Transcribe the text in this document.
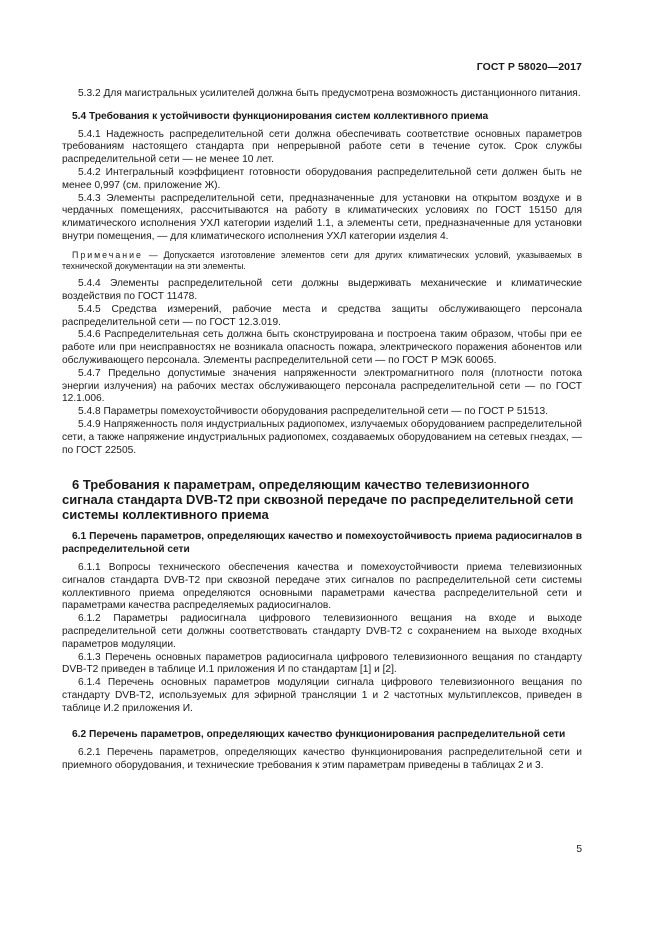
ГОСТ Р 58020—2017

5.3.2 Для магистральных усилителей должна быть предусмотрена возможность дистанционного питания.

5.4 Требования к устойчивости функционирования систем коллективного приема

5.4.1 Надежность распределительной сети должна обеспечивать соответствие основных параметров требованиям настоящего стандарта при непрерывной работе сети в течение суток. Срок службы распределительной сети — не менее 10 лет.

5.4.2 Интегральный коэффициент готовности оборудования распределительной сети должен быть не менее 0,997 (см. приложение Ж).

5.4.3 Элементы распределительной сети, предназначенные для установки на открытом воздухе и в чердачных помещениях, рассчитываются на работу в климатических условиях по ГОСТ 15150 для климатического исполнения УХЛ категории изделий 1.1, а элементы сети, предназначенные для установки внутри помещения, — для климатического исполнения УХЛ категории изделия 4.

Примечание — Допускается изготовление элементов сети для других климатических условий, указываемых в технической документации на эти элементы.

5.4.4 Элементы распределительной сети должны выдерживать механические и климатические воздействия по ГОСТ 11478.

5.4.5 Средства измерений, рабочие места и средства защиты обслуживающего персонала распределительной сети — по ГОСТ 12.3.019.

5.4.6 Распределительная сеть должна быть сконструирована и построена таким образом, чтобы при ее работе или при неисправностях не возникала опасность пожара, электрического поражения абонентов или обслуживающего персонала. Элементы распределительной сети — по ГОСТ Р МЭК 60065.

5.4.7 Предельно допустимые значения напряженности электромагнитного поля (плотности потока энергии излучения) на рабочих местах обслуживающего персонала распределительной сети — по ГОСТ 12.1.006.

5.4.8 Параметры помехоустойчивости оборудования распределительной сети — по ГОСТ Р 51513.

5.4.9 Напряженность поля индустриальных радиопомех, излучаемых оборудованием распределительной сети, а также напряжение индустриальных радиопомех, создаваемых оборудованием на сетевых гнездах, — по ГОСТ 22505.

6 Требования к параметрам, определяющим качество телевизионного сигнала стандарта DVB-T2 при сквозной передаче по распределительной сети системы коллективного приема
6.1 Перечень параметров, определяющих качество и помехоустойчивость приема радиосигналов в распределительной сети

6.1.1 Вопросы технического обеспечения качества и помехоустойчивости приема телевизионных сигналов стандарта DVB-T2 при сквозной передаче этих сигналов по распределительной сети системы коллективного приема определяются основными параметрами качества распределительной сети и параметрами качества распределяемых радиосигналов.

6.1.2 Параметры радиосигнала цифрового телевизионного вещания на входе и выходе распределительной сети должны соответствовать стандарту DVB-T2 с сохранением на выходе входных параметров модуляции.

6.1.3 Перечень основных параметров радиосигнала цифрового телевизионного вещания по стандарту DVB-T2 приведен в таблице И.1 приложения И по стандартам [1] и [2].

6.1.4 Перечень основных параметров модуляции сигнала цифрового телевизионного вещания по стандарту DVB-T2, используемых для эфирной трансляции 1 и 2 частотных мультиплексов, приведен в таблице И.2 приложения И.

6.2 Перечень параметров, определяющих качество функционирования распределительной сети

6.2.1 Перечень параметров, определяющих качество функционирования распределительной сети и приемного оборудования, и технические требования к этим параметрам приведены в таблицах 2 и 3.

5
